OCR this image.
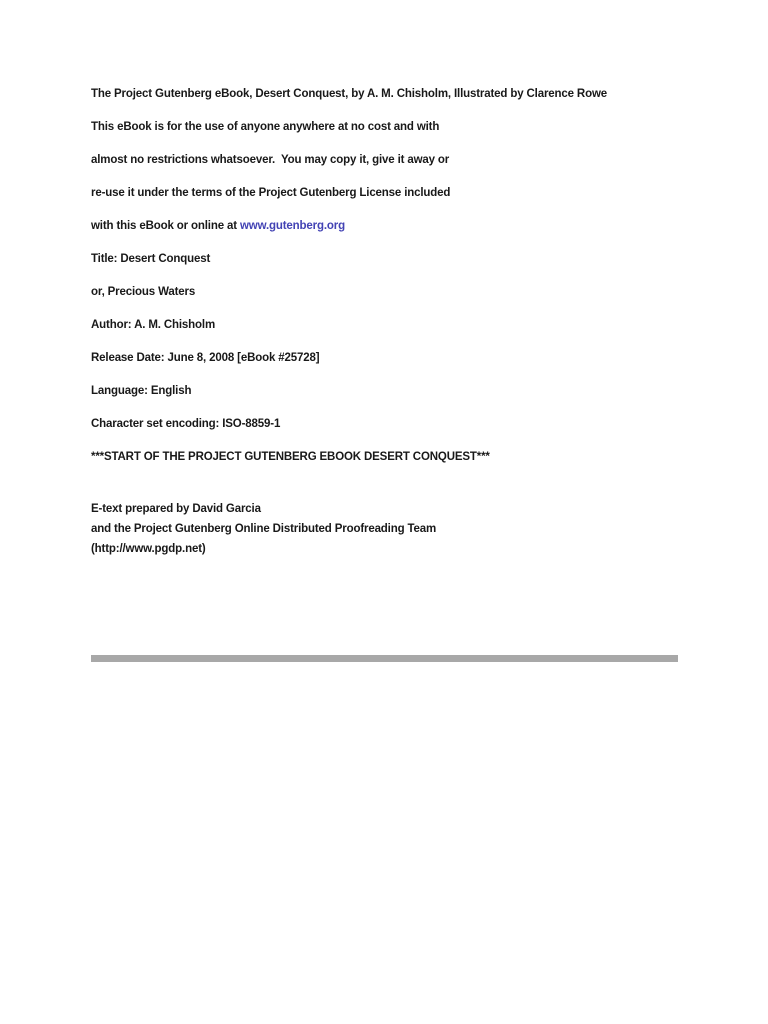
The Project Gutenberg eBook, Desert Conquest, by A. M. Chisholm, Illustrated by Clarence Rowe

This eBook is for the use of anyone anywhere at no cost and with

almost no restrictions whatsoever.  You may copy it, give it away or

re-use it under the terms of the Project Gutenberg License included

with this eBook or online at www.gutenberg.org

Title: Desert Conquest

or, Precious Waters

Author: A. M. Chisholm

Release Date: June 8, 2008 [eBook #25728]

Language: English

Character set encoding: ISO-8859-1

***START OF THE PROJECT GUTENBERG EBOOK DESERT CONQUEST***

E-text prepared by David Garcia

and the Project Gutenberg Online Distributed Proofreading Team

(http://www.pgdp.net)
